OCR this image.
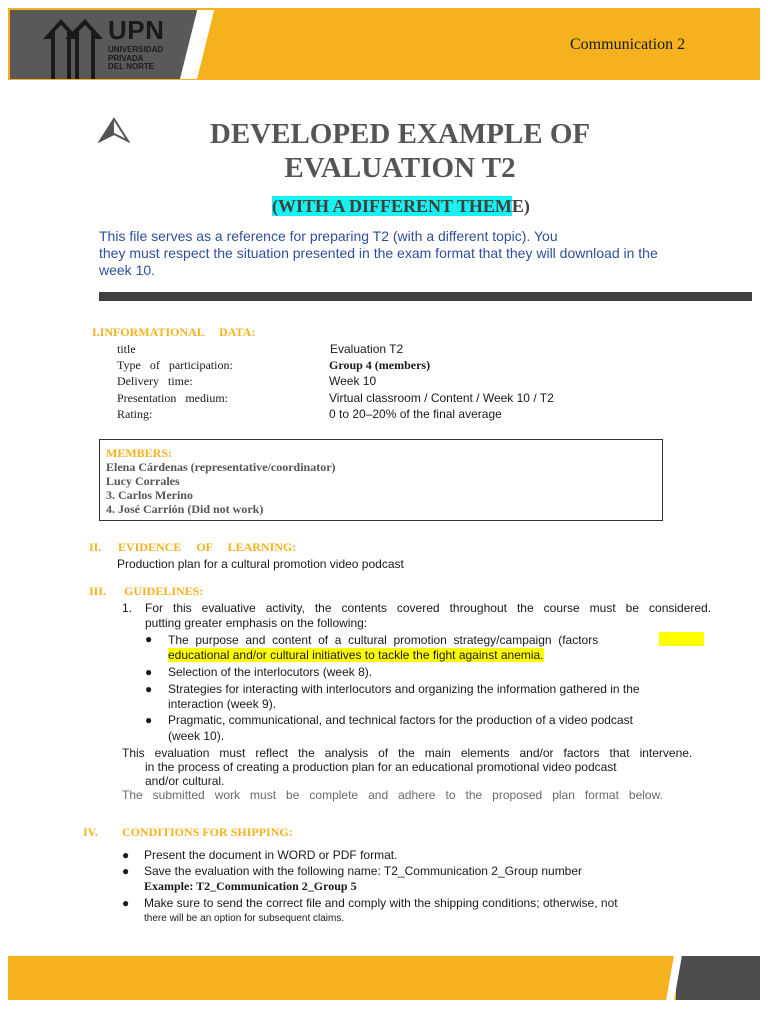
UPN
UNIVERSIDAD
PRIVADA
DEL NORTE
Communication 2
DEVELOPED EXAMPLE OF
EVALUATION T2
(WITH A DIFFERENT THEME)
This file serves as a reference for preparing T2 (with a different topic). You
they must respect the situation presented in the exam format that they will download in the
week 10.
I.INFORMATIONAL     DATA:
title	Evaluation T2
Type   of   participation:	Group 4 (members)
Delivery   time:	Week 10
Presentation   medium:	Virtual classroom / Content / Week 10 / T2
Rating:	0 to 20–20% of the final average
MEMBERS:
Elena Cárdenas (representative/coordinator)
Lucy Corrales
3. Carlos Merino
4. José Carrión (Did not work)
II. EVIDENCE     OF     LEARNING:
Production plan for a cultural promotion video podcast
III. GUIDELINES:
1. For   this   evaluative   activity,   the   contents   covered   throughout   the   course   must   be   considered.
putting greater emphasis on the following:
● The  purpose  and  content  of  a  cultural  promotion  strategy/campaign  (factors
educational and/or cultural initiatives to tackle the fight against anemia.
● Selection of the interlocutors (week 8).
● Strategies for interacting with interlocutors and organizing the information gathered in the
interaction (week 9).
● Pragmatic, communicational, and technical factors for the production of a video podcast
(week 10).
This   evaluation   must   reflect   the   analysis   of   the   main   elements   and/or   factors   that   intervene.
in the process of creating a production plan for an educational promotional video podcast
and/or cultural.
The   submitted   work   must   be   complete   and   adhere   to   the   proposed   plan   format   below.
IV. CONDITIONS FOR SHIPPING:
● Present the document in WORD or PDF format.
● Save the evaluation with the following name: T2_Communication 2_Group number
Example: T2_Communication 2_Group 5
● Make sure to send the correct file and comply with the shipping conditions; otherwise, not
there will be an option for subsequent claims.
